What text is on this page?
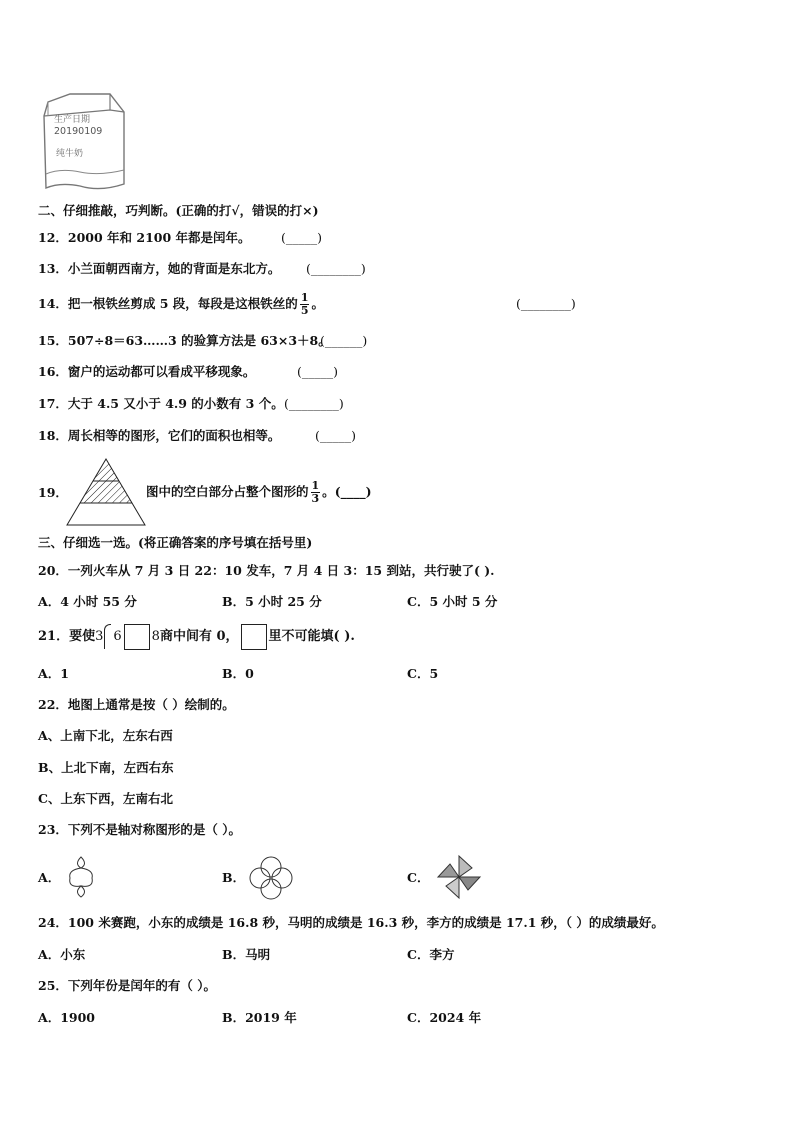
生产日期
20190109
纯牛奶
二、仔细推敲，巧判断。(正确的打√，错误的打×)
12．2000 年和 2100 年都是闰年。 (_____)
13．小兰面朝西南方，她的背面是东北方。 (________)
14．把一根铁丝剪成 5 段，每段是这根铁丝的 $\frac{1}{5}$ 。	(________)
15．507÷8＝63……3 的验算方法是 63×3＋8。
(______)
16．窗户的运动都可以看成平移现象。	(_____)
17．大于 4.5 又小于 4.9 的小数有 3 个。 (________)
18．周长相等的图形，它们的面积也相等。	(_____)
19．	图中的空白部分占整个图形的 $\frac{1}{3}$ 。(____)
三、仔细选一选。(将正确答案的序号填在括号里)
20．一列火车从 7 月 3 日 22：10 发车，7 月 4 日 3：15 到站，共行驶了( ).
A．4 小时 55 分	B．5 小时 25 分	C．5 小时 5 分
21．要使3 6 8商中间有 0， 里不可能填( ).
A．1	B．0	C．5
22．地图上通常是按（ ）绘制的。
A、上南下北，左东右西
B、上北下南，左西右东
C、上东下西，左南右北
23．下列不是轴对称图形的是（ ）。
A．	B．	C．
24．100 米赛跑，小东的成绩是 16.8 秒，马明的成绩是 16.3 秒，李方的成绩是 17.1 秒，（ ）的成绩最好。
A．小东	B．马明	C．李方
25．下列年份是闰年的有（ ）。
A．1900	B．2019 年	C．2024 年
